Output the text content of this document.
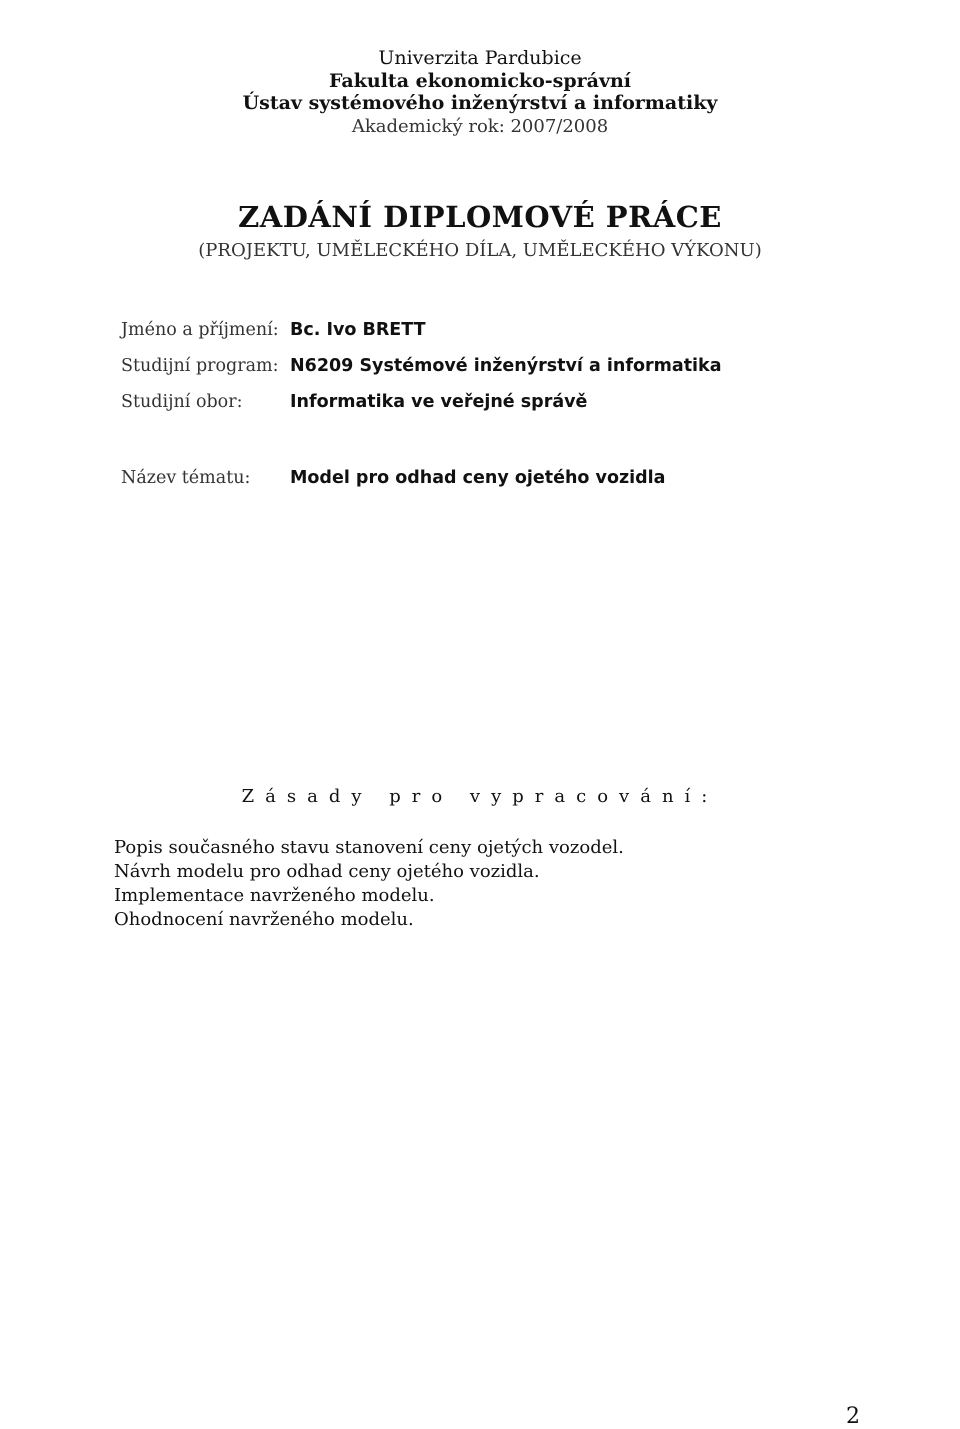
Univerzita Pardubice
Fakulta ekonomicko-správní
Ústav systémového inženýrství a informatiky
Akademický rok: 2007/2008
ZADÁNÍ DIPLOMOVÉ PRÁCE
(PROJEKTU, UMĚLECKÉHO DÍLA, UMĚLECKÉHO VÝKONU)
Jméno a příjmení: Bc. Ivo BRETT
Studijní program: N6209 Systémové inženýrství a informatika
Studijní obor:	Informatika ve veřejné správě
Název tématu: Model pro odhad ceny ojetého vozidla
Zásady pro vypracování:
Popis současného stavu stanovení ceny ojetých vozodel.
Návrh modelu pro odhad ceny ojetého vozidla.
Implementace navrženého modelu.
Ohodnocení navrženého modelu.
2
